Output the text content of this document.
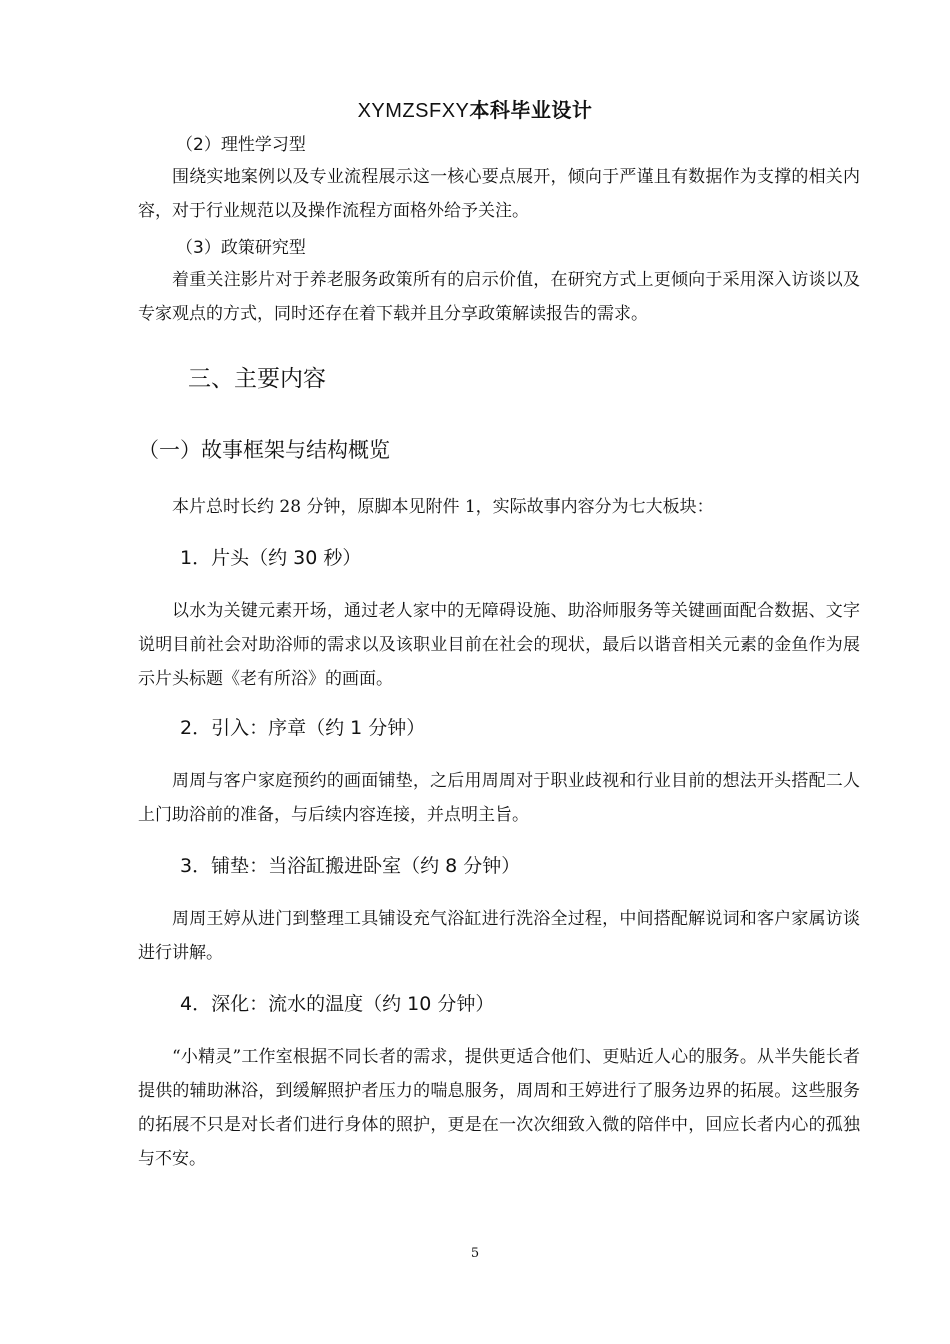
XYMZSFXY本科毕业设计
（2）理性学习型

围绕实地案例以及专业流程展示这一核心要点展开，倾向于严谨且有数据作为支撑的相关内容，对于行业规范以及操作流程方面格外给予关注。

（3）政策研究型

着重关注影片对于养老服务政策所有的启示价值，在研究方式上更倾向于采用深入访谈以及专家观点的方式，同时还存在着下载并且分享政策解读报告的需求。

三、主要内容
（一）故事框架与结构概览

本片总时长约 28 分钟，原脚本见附件 1，实际故事内容分为七大板块：

1．片头（约 30 秒）

以水为关键元素开场，通过老人家中的无障碍设施、助浴师服务等关键画面配合数据、文字说明目前社会对助浴师的需求以及该职业目前在社会的现状，最后以谐音相关元素的金鱼作为展示片头标题《老有所浴》的画面。

2．引入：序章（约 1 分钟）

周周与客户家庭预约的画面铺垫，之后用周周对于职业歧视和行业目前的想法开头搭配二人上门助浴前的准备，与后续内容连接，并点明主旨。

3．铺垫：当浴缸搬进卧室（约 8 分钟）

周周王婷从进门到整理工具铺设充气浴缸进行洗浴全过程，中间搭配解说词和客户家属访谈进行讲解。

4．深化：流水的温度（约 10 分钟）

“小精灵”工作室根据不同长者的需求，提供更适合他们、更贴近人心的服务。从半失能长者提供的辅助淋浴，到缓解照护者压力的喘息服务，周周和王婷进行了服务边界的拓展。这些服务的拓展不只是对长者们进行身体的照护，更是在一次次细致入微的陪伴中，回应长者内心的孤独与不安。

5
